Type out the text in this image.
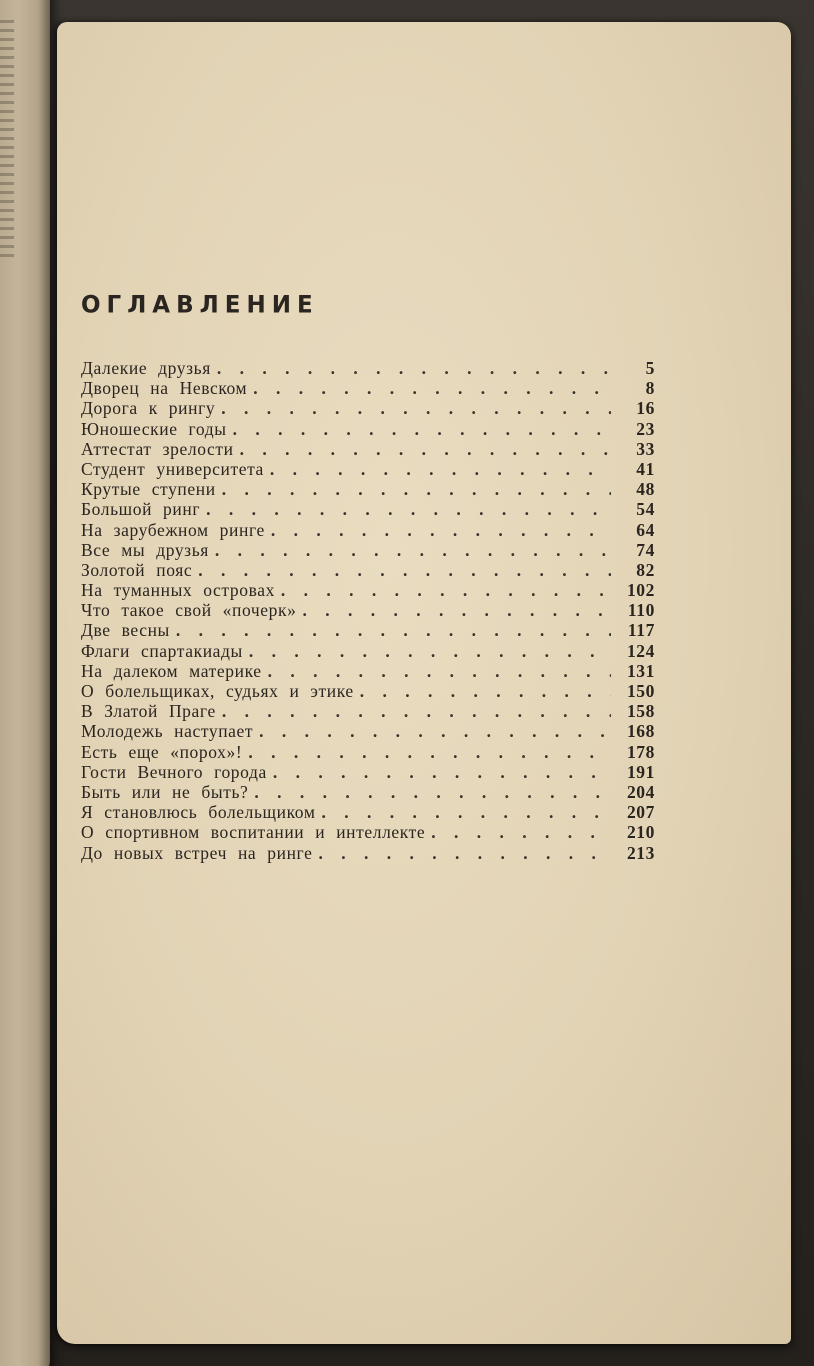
ОГЛАВЛЕНИЕ
Далекие друзья . . .	5
Дворец на Невском . . .	8
Дорога к рингу . . .	16
Юношеские годы . . .	23
Аттестат зрелости . . .	33
Студент университета . . .	41
Крутые ступени . . .	48
Большой ринг . . .	54
На зарубежном ринге . . .	64
Все мы друзья . . .	74
Золотой пояс . . .	82
На туманных островах . . .	102
Что такое свой «почерк» . . .	110
Две весны . . .	117
Флаги спартакиады . . .	124
На далеком материке . . .	131
О болельщиках, судьях и этике . . .	150
В Златой Праге . . .	158
Молодежь наступает . . .	168
Есть еще «порох»! . . .	178
Гости Вечного города . . .	191
Быть или не быть? . . .	204
Я становлюсь болельщиком . . .	207
О спортивном воспитании и интеллекте . . .	210
До новых встреч на ринге . . .	213
